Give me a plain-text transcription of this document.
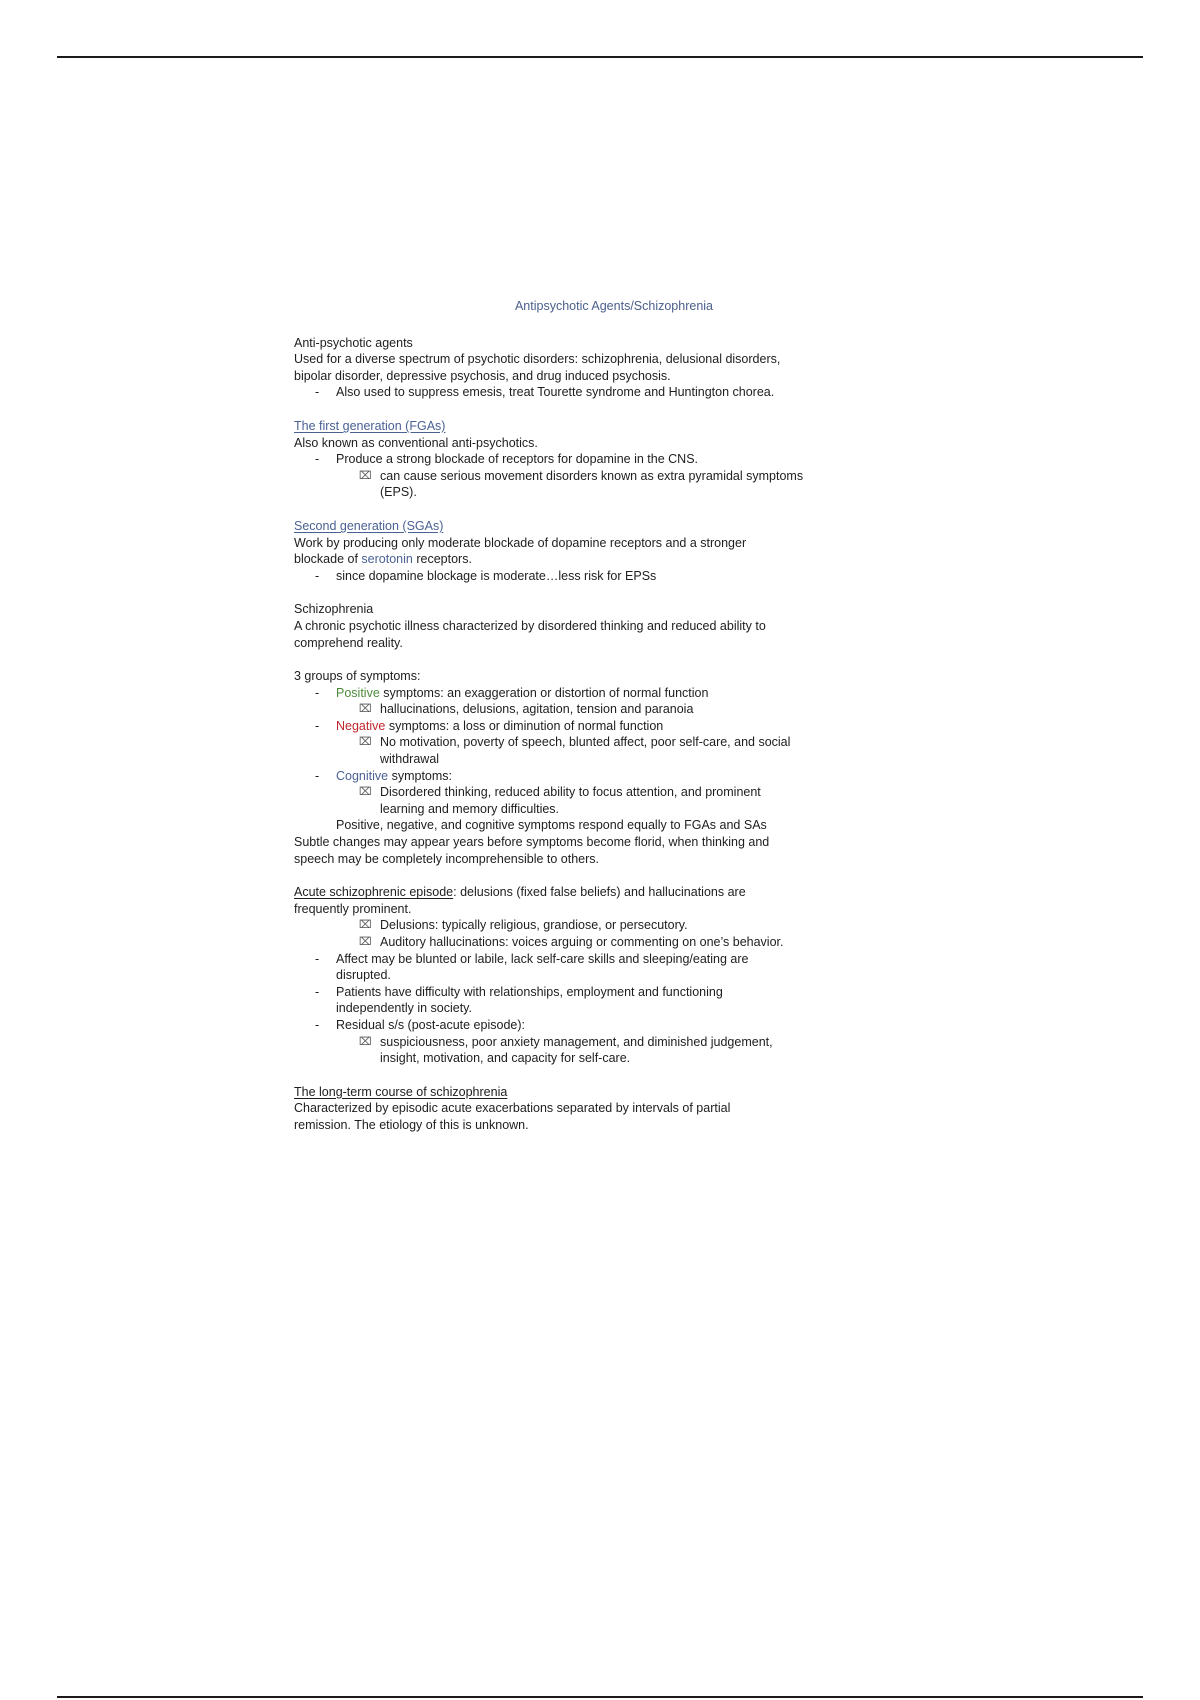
Antipsychotic Agents/Schizophrenia

Anti-psychotic agents

Used for a diverse spectrum of psychotic disorders: schizophrenia, delusional disorders,

bipolar disorder, depressive psychosis, and drug induced psychosis.

- Also used to suppress emesis, treat Tourette syndrome and Huntington chorea.

The first generation (FGAs)

Also known as conventional anti-psychotics.

- Produce a strong blockade of receptors for dopamine in the CNS.

⌧ can cause serious movement disorders known as extra pyramidal symptoms

(EPS).

Second generation (SGAs)

Work by producing only moderate blockade of dopamine receptors and a stronger

blockade of serotonin receptors.

- since dopamine blockage is moderate…less risk for EPSs

Schizophrenia

A chronic psychotic illness characterized by disordered thinking and reduced ability to

comprehend reality.

3 groups of symptoms:

- Positive symptoms: an exaggeration or distortion of normal function

⌧ hallucinations, delusions, agitation, tension and paranoia

- Negative symptoms: a loss or diminution of normal function

⌧ No motivation, poverty of speech, blunted affect, poor self-care, and social

withdrawal

- Cognitive symptoms:

⌧ Disordered thinking, reduced ability to focus attention, and prominent

learning and memory difficulties.

Positive, negative, and cognitive symptoms respond equally to FGAs and SAs

Subtle changes may appear years before symptoms become florid, when thinking and

speech may be completely incomprehensible to others.

Acute schizophrenic episode: delusions (fixed false beliefs) and hallucinations are

frequently prominent.

⌧ Delusions: typically religious, grandiose, or persecutory.

⌧ Auditory hallucinations: voices arguing or commenting on one’s behavior.

- Affect may be blunted or labile, lack self-care skills and sleeping/eating are

disrupted.

- Patients have difficulty with relationships, employment and functioning

independently in society.

- Residual s/s (post-acute episode):

⌧ suspiciousness, poor anxiety management, and diminished judgement,

insight, motivation, and capacity for self-care.

The long-term course of schizophrenia

Characterized by episodic acute exacerbations separated by intervals of partial

remission. The etiology of this is unknown.
